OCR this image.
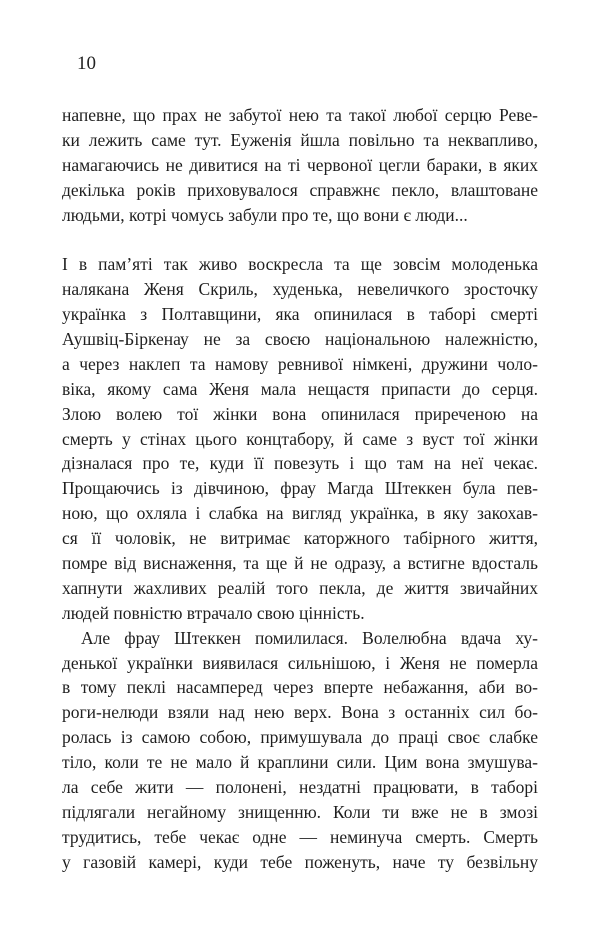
10
напевне, що прах не забутої нею та такої любої серцю Реве-
ки лежить саме тут. Еуженія йшла повільно та неквапливо,
намагаючись не дивитися на ті червоної цегли бараки, в яких
декілька років приховувалося справжнє пекло, влаштоване
людьми, котрі чомусь забули про те, що вони є люди...
І в пам’яті так живо воскресла та ще зовсім молоденька
налякана Женя Скриль, худенька, невеличкого зросточку
українка з Полтавщини, яка опинилася в таборі смерті
Аушвіц-Біркенау не за своєю національною належністю,
а через наклеп та намову ревнивої німкені, дружини чоло-
віка, якому сама Женя мала нещастя припасти до серця.
Злою волею тої жінки вона опинилася приреченою на
смерть у стінах цього концтабору, й саме з вуст тої жінки
дізналася про те, куди її повезуть і що там на неї чекає.
Прощаючись із дівчиною, фрау Магда Штеккен була пев-
ною, що охляла і слабка на вигляд українка, в яку закохав-
ся її чоловік, не витримає каторжного табірного життя,
помре від виснаження, та ще й не одразу, а встигне вдосталь
хапнути жахливих реалій того пекла, де життя звичайних
людей повністю втрачало свою цінність.
Але фрау Штеккен помилилася. Волелюбна вдача ху-
денької українки виявилася сильнішою, і Женя не померла
в тому пеклі насамперед через вперте небажання, аби во-
роги-нелюди взяли над нею верх. Вона з останніх сил бо-
ролась із самою собою, примушувала до праці своє слабке
тіло, коли те не мало й краплини сили. Цим вона змушува-
ла себе жити — полонені, нездатні працювати, в таборі
підлягали негайному знищенню. Коли ти вже не в змозі
трудитись, тебе чекає одне — неминуча смерть. Смерть
у газовій камері, куди тебе поженуть, наче ту безвільну
